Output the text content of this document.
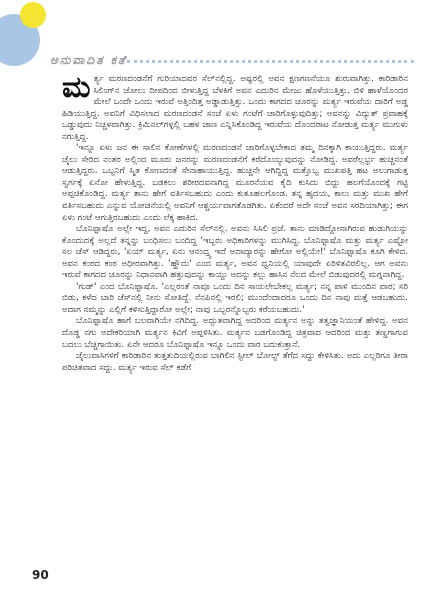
ಅನುವಾದಿತ ಕತೆ

ಮರ್ತ್ಯ ಮರಣದಂಡನೆಗೆ ಗುರಿಯಾದವರ ಸೆಲ್‌ನಲ್ಲಿದ್ದ. ಅಷ್ಟರಲ್ಲಿ ಅವನ ಕ್ಷಣಗಣನೆಯೂ ಶುರುವಾಗಿತ್ತು. ಕಾರಿಡಾರಿನ ಸಿಲಿಂಗ್‌ನ ಜೋಲು ದೀಪದಿಂದ ಬೀಳುತ್ತಿದ್ದ ಬೆಳಕಿಗೆ ಅವನ ಎದುರಿನ ಮೇಜು ಹೊಳೆಯುತ್ತಿತ್ತು. ಬಿಳಿ ಹಾಳೆಯೊಂದರ ಮೇಲೆ ಒಂದೇ ಒಂದು ಇರುವೆ ಅತ್ತಿಂದಿತ್ತ ಅಡ್ಡಾಡುತ್ತಿತ್ತು. ಒಂದು ಕಾಗದದ ಚೂರನ್ನು ಮರ್ತ್ಯ ಇರುವೆಯ ದಾರಿಗೆ ಅಡ್ಡ ಹಿಡಿಯುತ್ತಿದ್ದ. ಅವನಿಗೆ ವಿಧಿಸಲಾದ ಮರಣದಂಡನೆ ಸಂಜೆ ಏಳು ಗಂಟೆಗೆ ಜಾರಿಗೊಳ್ಳುವುದಿತ್ತು; ಅವನನ್ನು ವಿದ್ಯುತ್ ಪ್ರವಾಹಕ್ಕೆ ಒಡ್ಡುವುದು ನಿಚ್ಚಳವಾಗಿತ್ತು. ಕ್ರಿಮಿನಲ್‌ಗಳ್ಳಲ್ಲಿ ಬಹಳ ಜಾಣ ಎನ್ನಿಸಿಕೊಂಡಿದ್ದ ಇರುವೆಯ ದೊಂದರಾಟ ನೋಡುತ್ತ ಮರ್ತ್ಯ ಮುಗುಳು ನಗುತ್ತಿದ್ದ.

'ಇನ್ನೂ ಏಳು ಜನ ಈ ಸಾಲಿನ ಕೋಣೆಗಳಲ್ಲಿ ಮರಣದಂಡನೆ ಜಾರಿಗೊಳ್ಳಬೇಕಾದ ತಮ್ಮ ದಿನಕ್ಕಾಗಿ ಕಾಯುತ್ತಿದ್ದರು. ಮರ್ತ್ಯ ಜೈಲು ಸೇರಿದ ನಂತರ ಅಲ್ಲಿಂದ ಮೂರು ಜನರನ್ನು ಮರಣದಂಡನೆಗೆ ಕರೆದೊಯ್ಯುವುದನ್ನು ನೋಡಿದ್ದ. ಅವರೆಲ್ಲರ್ಭ್ರ ಹುಚ್ಚನಂತೆ ಆಡುತ್ತಿದ್ದರು. ಒಬ್ಬನಿಗೆ ಸ್ಮಿತ ಕೋಣದಂತೆ ಸೇನಾಹಾಯುತ್ತಿದ್ದ. ಹುಚ್ಚನೇ ಆಗಿದ್ದಿದ್ದ ಮತ್ತೊಬ್ಬ ಮುಖಪತ್ತಿ ಹಟ ಅಲುಗಾಡುತ್ತ ಸ್ವರ್ಗಕ್ಕೆ ಏನೋ ಹೇಳುತ್ತಿದ್ದ. ಬಡಕಲು ಶರೀರದವನಾಗಿದ್ದ ಮೂರನೆಯವ ಕೈದಿ ಕುಸಿದು ಬಿದ್ದು ಹಲಗೆಯೊಂದಕ್ಕೆ ಗಟ್ಟಿ ಅಪ್ಪಚಿಕೊಂಡಿದ್ದ. ಮರ್ತ್ಯ ತಾನು ಹೇಗೆ ವರ್ತಿಸಬಹುದು ಎಂದು ಕುತೂಹಲಗೊಂಡ. ತನ್ನ ಹೃದಯ, ಕಾಲು ಮತ್ತು ಮುಖ ಹೇಗೆ ವರ್ತಿಸಬಹುದು ಎನ್ನುವ ಯೋಚನೆಯಲ್ಲಿ ಅವನಿಗೆ ಆಶ್ಚರ್ಯವಾಗತೊಡಗಿತು. ಏಕೆಂದರೆ ಅದೇ ಸಂಜೆ ಅವನ ಸರದಿಯಾಗಿತ್ತು; ಈಗ ಏಳು ಗಂಟೆ ಆಗುತ್ತಿರಬಹುದು ಎಂದು ಲೆಕ್ಕ ಹಾಕಿದ.

ಬೊನಿಫ್ಸಾಷೊ ಅಲ್ಲೇ ಇದ್ದ, ಅವನ ಎದುರಿನ ಸೆಲ್‌ನಲ್ಲಿ. ಅವನು ಸಿಸಿಲಿ ಪ್ರಜೆ. ತಾನು ಮಾಡಿದ್ದೋನಾಗಿರುವ ಹುಡುಗಿಯನ್ನು ಕೊಂದುದಕ್ಕೆ ಅಲ್ಲದೆ ತನ್ನನ್ನು ಬಂಧಿಸಲು ಬಂದಿದ್ದ 'ಇಬ್ಬರು ಅಧಿಕಾರಿಗಳನ್ನು ಮುಗಿಸಿದ್ದ. ಬೊನಿಫ್ಸಾಷೊ ಮತ್ತು ಮರ್ತ್ಯ ಎಷ್ಟೋ ಸಲ ಚೆಸ್ ಆಡಿದ್ದರು, 'ಏಯ್ ಮರ್ತ್ಯ, ಏನು ಆನಂದ್ತ್ವ ಇದೆ ಅದಾದ್ಯಾರನ್ನು ಹೇಗೋ ಅಲ್ಲಿಯೇ!' ಬೊನಿಫ್ಸಾಷೊ ಕೂಗಿ ಕೇಳಿದ. ಅವನ ಕಂಠದ ಕಂಠ ಅಧೀರವಾಗಿತ್ತು. 'ಹ್ಹೌದು' ಎಂದ ಮರ್ತ್ಯ, ಅವನ ಧ್ವನಿಯಲ್ಲಿ ಯಾವುದೇ ಏರಿಳಿತವಿರಲಿಲ್ಲ. ಆಗ ಅವನು ಇರುವೆ ಕಾಗದದ ಚೂರನ್ನು ನಿಧಾನವಾಗಿ ಹತ್ತುವುದನ್ನು ಕಾಯ್ದು ಅದನ್ನು ಕಲ್ಲು ಹಾಸಿನ ನೆಲದ ಮೇಲೆ ಬಿಡುವುದರಲ್ಲಿ ಮಗ್ನನಾಗಿದ್ದ.

'ಗುಡ್' ಎಂದ ಬೊನಿಫ್ಸಾಷೊ. 'ಎಲ್ಲರಂತೆ ನಾವೂ ಒಂದು ದಿನ ಸಾಯಲೇಬೇಕಲ್ಲ ಮರ್ತ್ಯ; ನನ್ನ ಪಾಳಿ ಮುಂದಿನ ವಾರ; ಸರಿ ಬಿಡು, ಕಳೆದ ಬಾರಿ ಚೆಸ್‌ನಲ್ಲಿ ನೀನು ಸೋತಿದ್ದೆ. ನೆನಪಿನಲ್ಲಿ ಇರಲಿ; ಮುಂದೆಂದಾದರೂ ಒಂದು ದಿನ ನಾವು ಮತ್ತೆ ಆಡಬಹುದು. ಅದಾಗ ನಮ್ಮನ್ನು ಎಲ್ಲಿಗೆ ಕಳಿಸುತ್ತಿದ್ದಾರೋ ಅಲ್ಲೇ; ನಾವು ಒಬ್ಬರನ್ನೊಬ್ಬರು ಕರೆಯಬಹುದು.'

ಬೊನಿಫ್ಸಾಷೊ ಹಾಗೆ ಬಲವಾಗಿಯೇ ನಗಿದಿದ್ದ. ಅದ್ಭುತವಾಗಿದ್ದ ಅದರಿಂದ ಮರ್ತ್ಯನ ಅನ್ನು ತತ್ವಜ್ಞಾನಿಯಂತೆ ಹೇಳಿದ್ದ. ಅವನ ದೊಡ್ಡ ನಗು ಅದೇಕರಿಯಾಗಿ ಮರ್ತ್ಯನ ಕಿವಿಗೆ ಅಪ್ಪಳಿಸಿತು. ಮರ್ತ್ಯನ ಬಡಗೊಂಡಿದ್ದ ಚಿತ್ರವಾದ ಆದರಿಂದ ಮತ್ತು ತಣ್ಣಗಾಗುವ ಬದಲು ಬೆಚ್ಚಗಾಯಿತು. ಏನೇ ಆದರೂ ಬೊನಿಫ್ಸಾಷೊ ಇನ್ನೂ ಒಂದು ವಾರ ಬದುಕುತ್ತಾನೆ.

ಜೈಲುವಾಸಿಗಳಿಗೆ ಕಾರಿಡಾರಿನ ತುತ್ತತುದಿಯಲ್ಲಿರುವ ಬಾಗಿಲಿನ ಸ್ಟೀಲ್ ಬೋಲ್ಟ್ ತೆಗೆದ ಸದ್ದು ಕೇಳಿಸಿತು. ಅದು ಎಲ್ಲರಿಗೂ ತೀರಾ ಪರಿಚಿತವಾದ ಸದ್ದು. ಮರ್ತ್ಯ ಇರುವ ಸೆಲ್ ಕಡೆಗೆ

90
